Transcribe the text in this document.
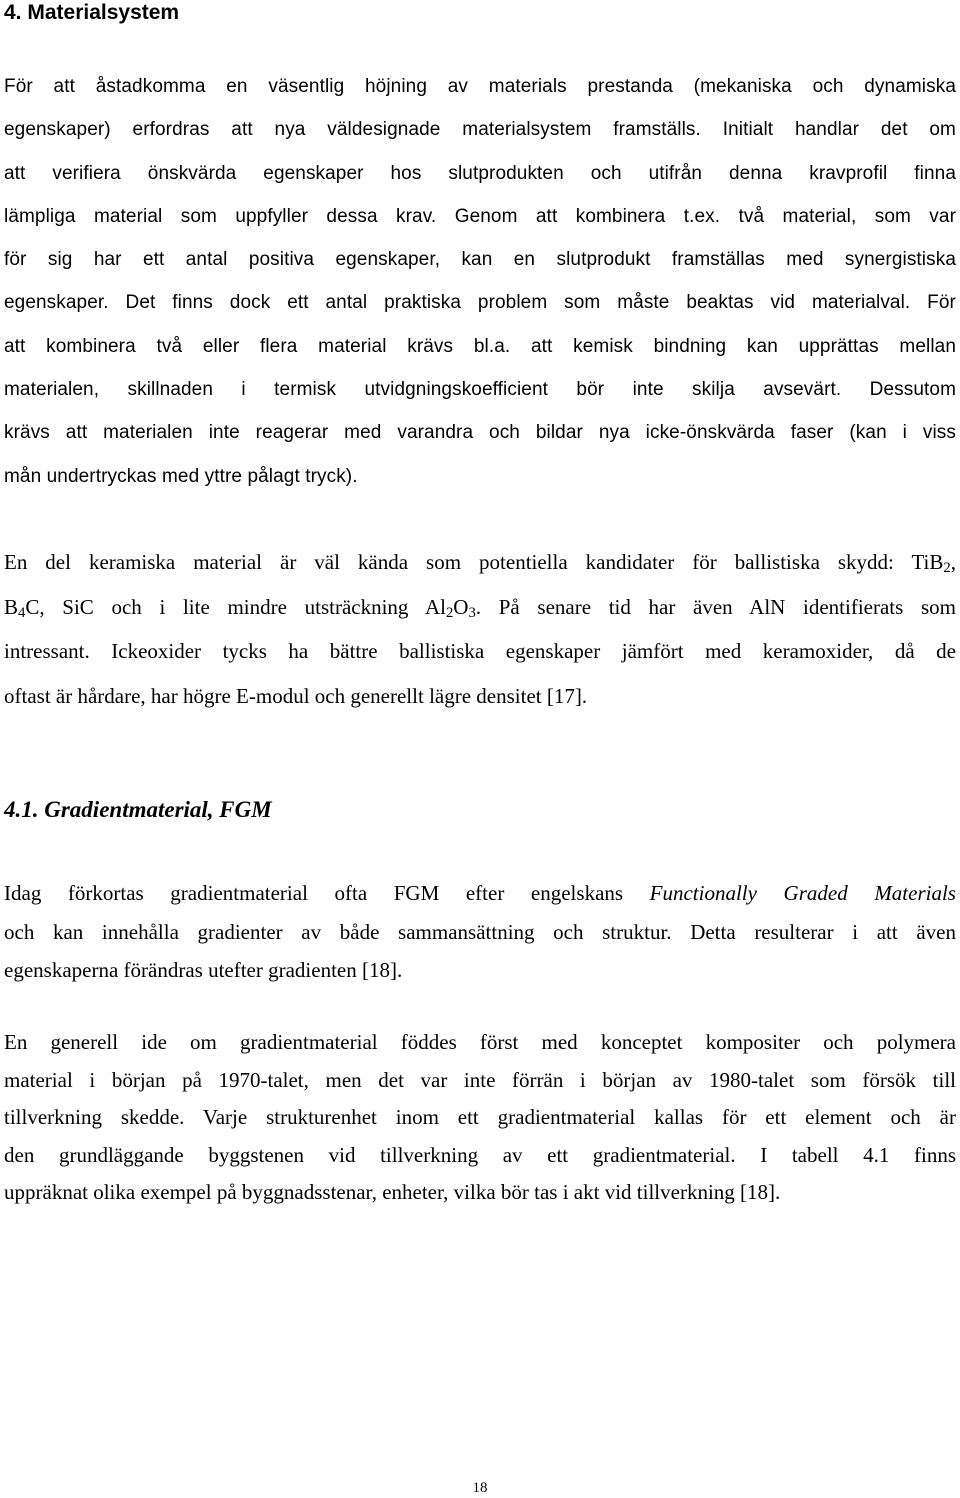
4. Materialsystem
För att åstadkomma en väsentlig höjning av materials prestanda (mekaniska och dynamiska
egenskaper) erfordras att nya väldesignade materialsystem framställs. Initialt handlar det om
att verifiera önskvärda egenskaper hos slutprodukten och utifrån denna kravprofil finna
lämpliga material som uppfyller dessa krav. Genom att kombinera t.ex. två material, som var
för sig har ett antal positiva egenskaper, kan en slutprodukt framställas med synergistiska
egenskaper. Det finns dock ett antal praktiska problem som måste beaktas vid materialval. För
att kombinera två eller flera material krävs bl.a. att kemisk bindning kan upprättas mellan
materialen, skillnaden i termisk utvidgningskoefficient bör inte skilja avsevärt. Dessutom
krävs att materialen inte reagerar med varandra och bildar nya icke-önskvärda faser (kan i viss
mån undertryckas med yttre pålagt tryck).
En del keramiska material är väl kända som potentiella kandidater för ballistiska skydd: TiB$_2$,
$B_4C$, SiC och i lite mindre utsträckning $Al_2O_3$. På senare tid har även AlN identifierats som
intressant. Ickeoxider tycks ha bättre ballistiska egenskaper jämfört med keramoxider, då de
oftast är hårdare, har högre E-modul och generellt lägre densitet [17].
4.1. Gradientmaterial, FGM
Idag förkortas gradientmaterial ofta FGM efter engelskans Functionally Graded Materials
och kan innehålla gradienter av både sammansättning och struktur. Detta resulterar i att även
egenskaperna förändras utefter gradienten [18].
En generell ide om gradientmaterial föddes först med konceptet kompositer och polymera
material i början på 1970-talet, men det var inte förrän i början av 1980-talet som försök till
tillverkning skedde. Varje strukturenhet inom ett gradientmaterial kallas för ett element och är
den grundläggande byggstenen vid tillverkning av ett gradientmaterial. I tabell 4.1 finns
uppräknat olika exempel på byggnadsstenar, enheter, vilka bör tas i akt vid tillverkning [18].
18
